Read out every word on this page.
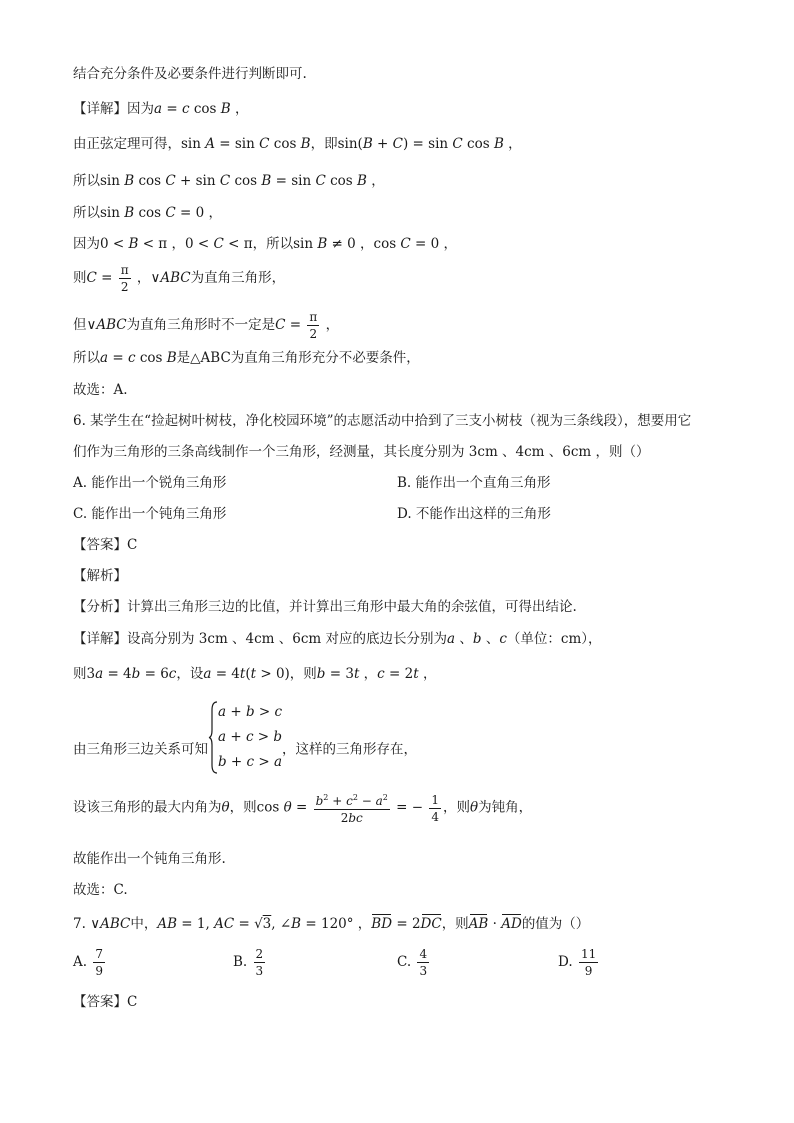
结合充分条件及必要条件进行判断即可.
【详解】因为a = c cos B ，
由正弦定理可得，sin A = sin C cos B，即sin(B + C) = sin C cos B ，
所以sin B cos C + sin C cos B = sin C cos B ，
所以sin B cos C = 0 ，
因为0 < B < π ，0 < C < π，所以sin B ≠ 0 ，cos C = 0 ，
则$C = \frac{\pi}{2}$ ，∨ABC为直角三角形，
但∨ABC为直角三角形时不一定是$C = \frac{\pi}{2}$ ，
所以a = c cos B是△ABC为直角三角形充分不必要条件，
故选：A.
6. 某学生在“捡起树叶树枝，净化校园环境”的志愿活动中拾到了三支小树枝（视为三条线段），想要用它
们作为三角形的三条高线制作一个三角形，经测量，其长度分别为 3cm 、4cm 、6cm ，则（）
A. 能作出一个锐角三角形	B. 能作出一个直角三角形
C. 能作出一个钝角三角形	D. 不能作出这样的三角形
【答案】C
【解析】
【分析】计算出三角形三边的比值，并计算出三角形中最大角的余弦值，可得出结论.
【详解】设高分别为 3cm 、4cm 、6cm 对应的底边长分别为a 、b 、c（单位：cm），
则3a = 4b = 6c，设a = 4t(t > 0)，则b = 3t ，c = 2t ，
由三角形三边关系可知
a + b > c
a + c > b
b + c > a
，这样的三角形存在，
设该三角形的最大内角为θ，则$\cos \theta = \frac{b^2 + c^2 - a^2}{2bc}$ = − $\frac{1}{4}$ ，则θ为钝角，
故能作出一个钝角三角形.
故选：C.
7. ∨ABC中，AB = 1, AC = √3, ∠B = 120° ，BD = 2DC，则AB · AD的值为（）
A. $\frac{7}{9}$	B. $\frac{2}{3}$	C. $\frac{4}{3}$	D. $\frac{11}{9}$
【答案】C
